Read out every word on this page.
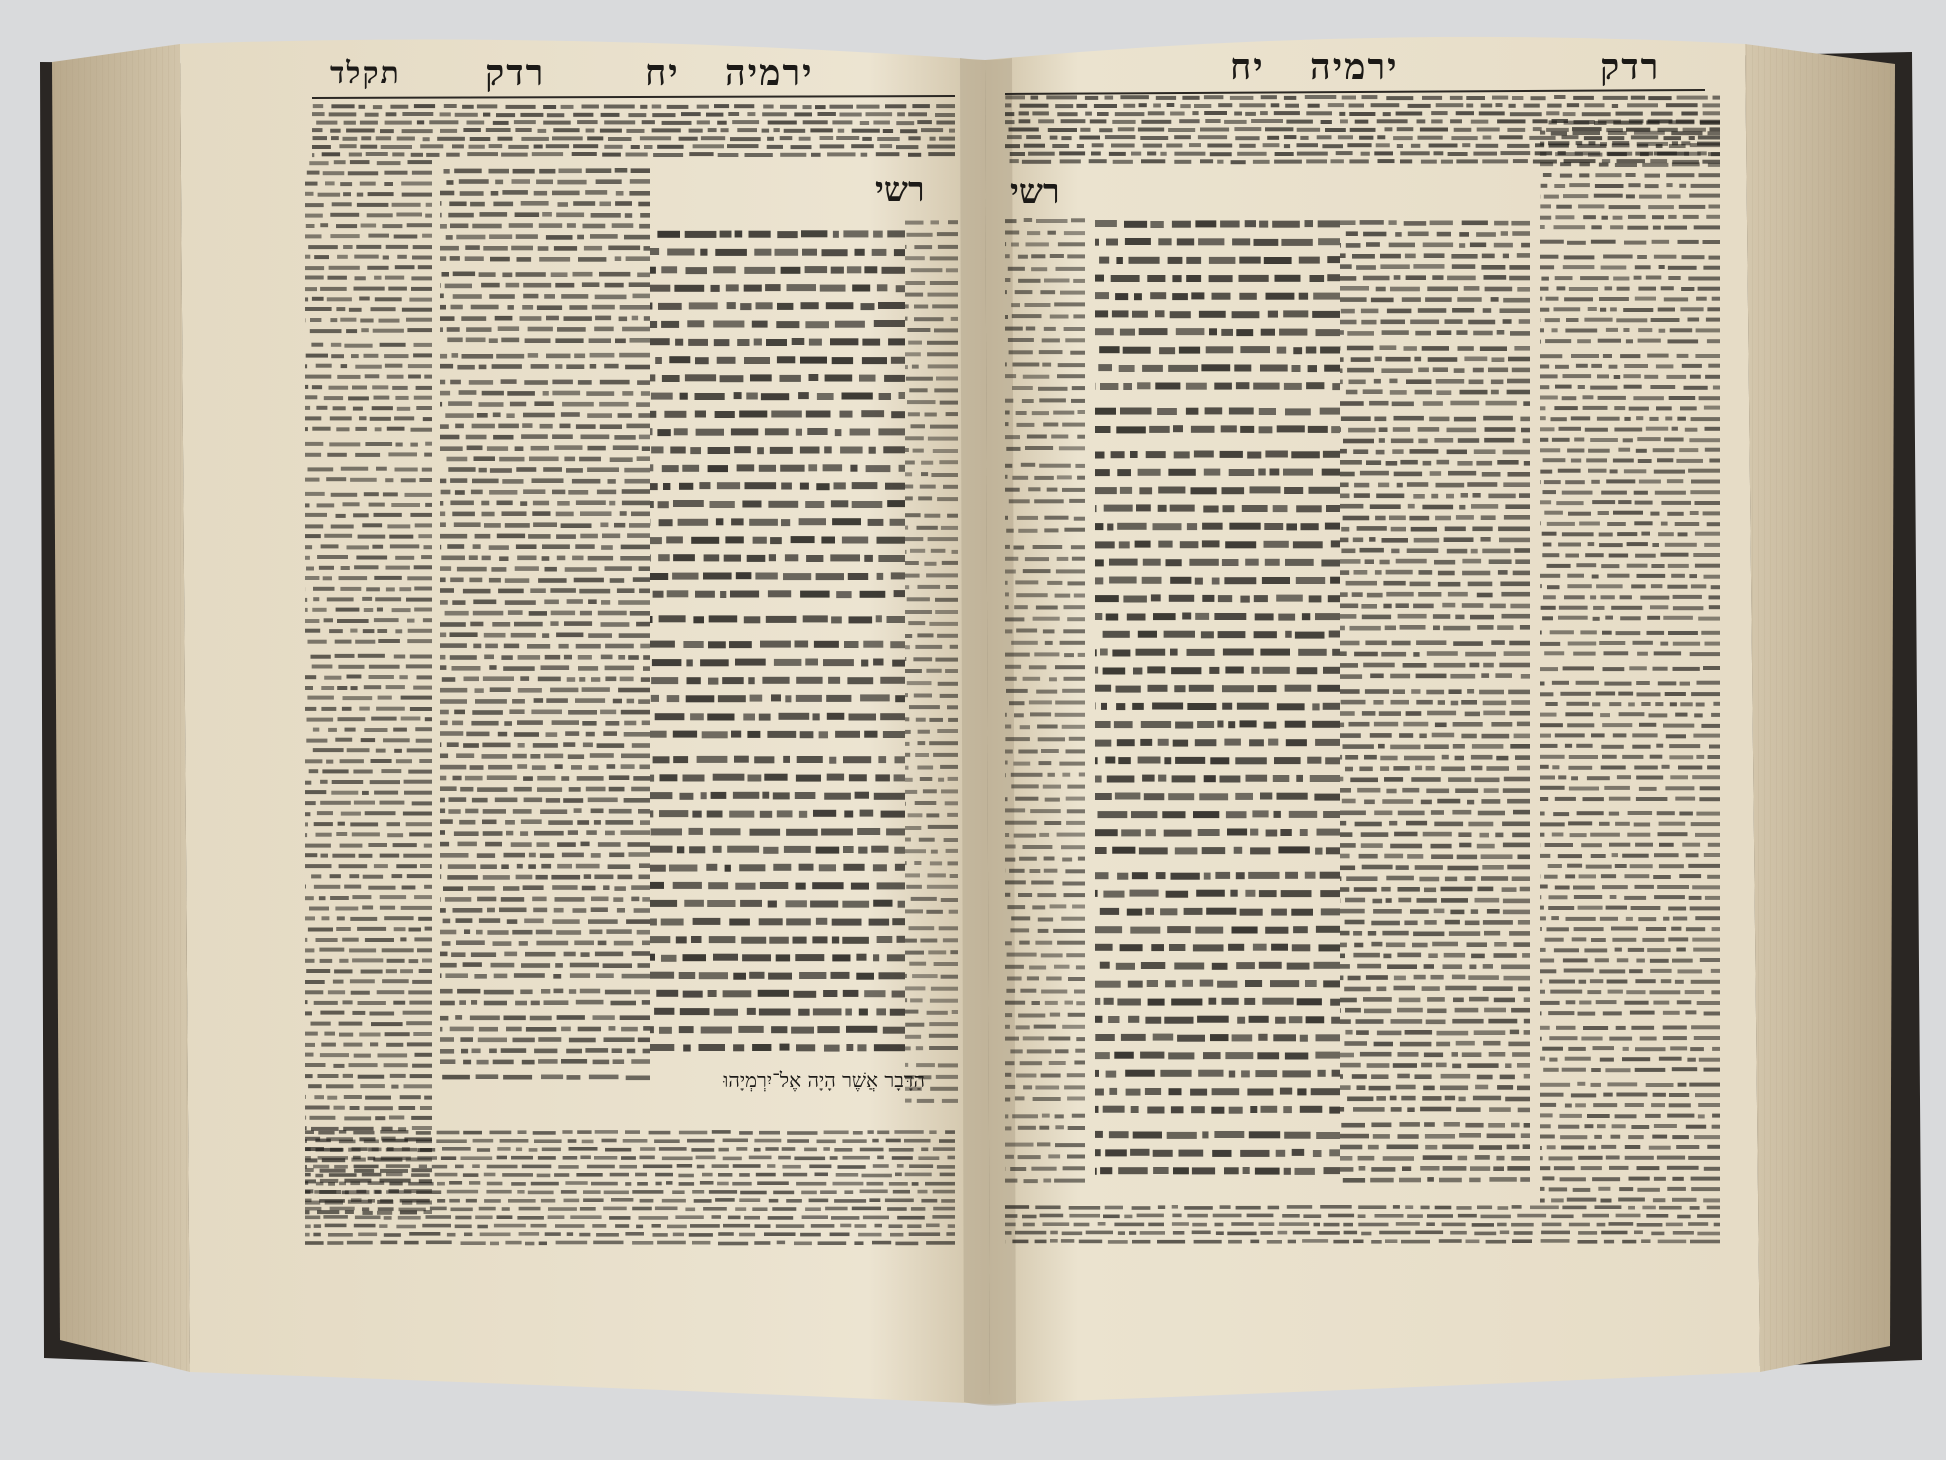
תקלד רדק	יח ירמיה	יח ירמיה	רדק
רשי	רשי
הַדָּבָר אֲשֶׁר הָיָה אֶל־יִרְמְיָהוּ
